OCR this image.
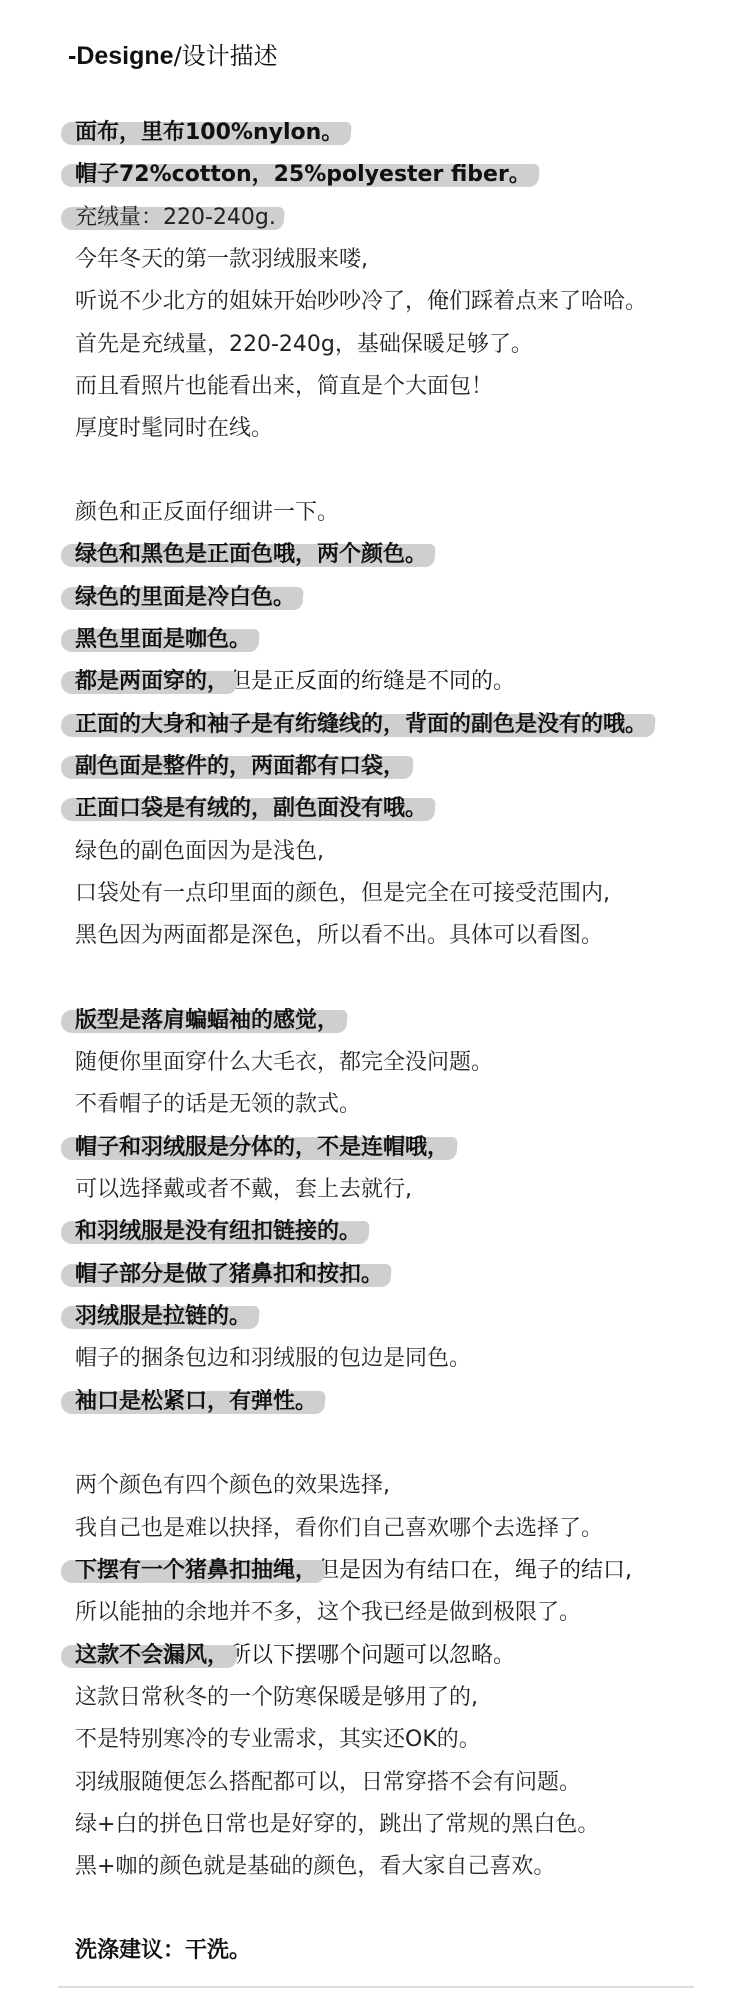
-Designe/设计描述
面布，里布100%nylon。
帽子72%cotton，25%polyester fiber。
充绒量：220-240g.
今年冬天的第一款羽绒服来喽,
听说不少北方的姐妹开始吵吵冷了，俺们踩着点来了哈哈。
首先是充绒量，220-240g，基础保暖足够了。
而且看照片也能看出来，简直是个大面包！
厚度时髦同时在线。
颜色和正反面仔细讲一下。
绿色和黑色是正面色哦，两个颜色。
绿色的里面是冷白色。
黑色里面是咖色。
都是两面穿的，但是正反面的绗缝是不同的。
正面的大身和袖子是有绗缝线的，背面的副色是没有的哦。
副色面是整件的，两面都有口袋，
正面口袋是有绒的，副色面没有哦。
绿色的副色面因为是浅色,
口袋处有一点印里面的颜色，但是完全在可接受范围内,
黑色因为两面都是深色，所以看不出。具体可以看图。
版型是落肩蝙蝠袖的感觉，
随便你里面穿什么大毛衣，都完全没问题。
不看帽子的话是无领的款式。
帽子和羽绒服是分体的，不是连帽哦，
可以选择戴或者不戴，套上去就行,
和羽绒服是没有纽扣链接的。
帽子部分是做了猪鼻扣和按扣。
羽绒服是拉链的。
帽子的捆条包边和羽绒服的包边是同色。
袖口是松紧口，有弹性。
两个颜色有四个颜色的效果选择,
我自己也是难以抉择，看你们自己喜欢哪个去选择了。
下摆有一个猪鼻扣抽绳，但是因为有结口在，绳子的结口,
所以能抽的余地并不多，这个我已经是做到极限了。
这款不会漏风，所以下摆哪个问题可以忽略。
这款日常秋冬的一个防寒保暖是够用了的,
不是特别寒冷的专业需求，其实还OK的。
羽绒服随便怎么搭配都可以，日常穿搭不会有问题。
绿+白的拼色日常也是好穿的，跳出了常规的黑白色。
黑+咖的颜色就是基础的颜色，看大家自己喜欢。
洗涤建议：干洗。
